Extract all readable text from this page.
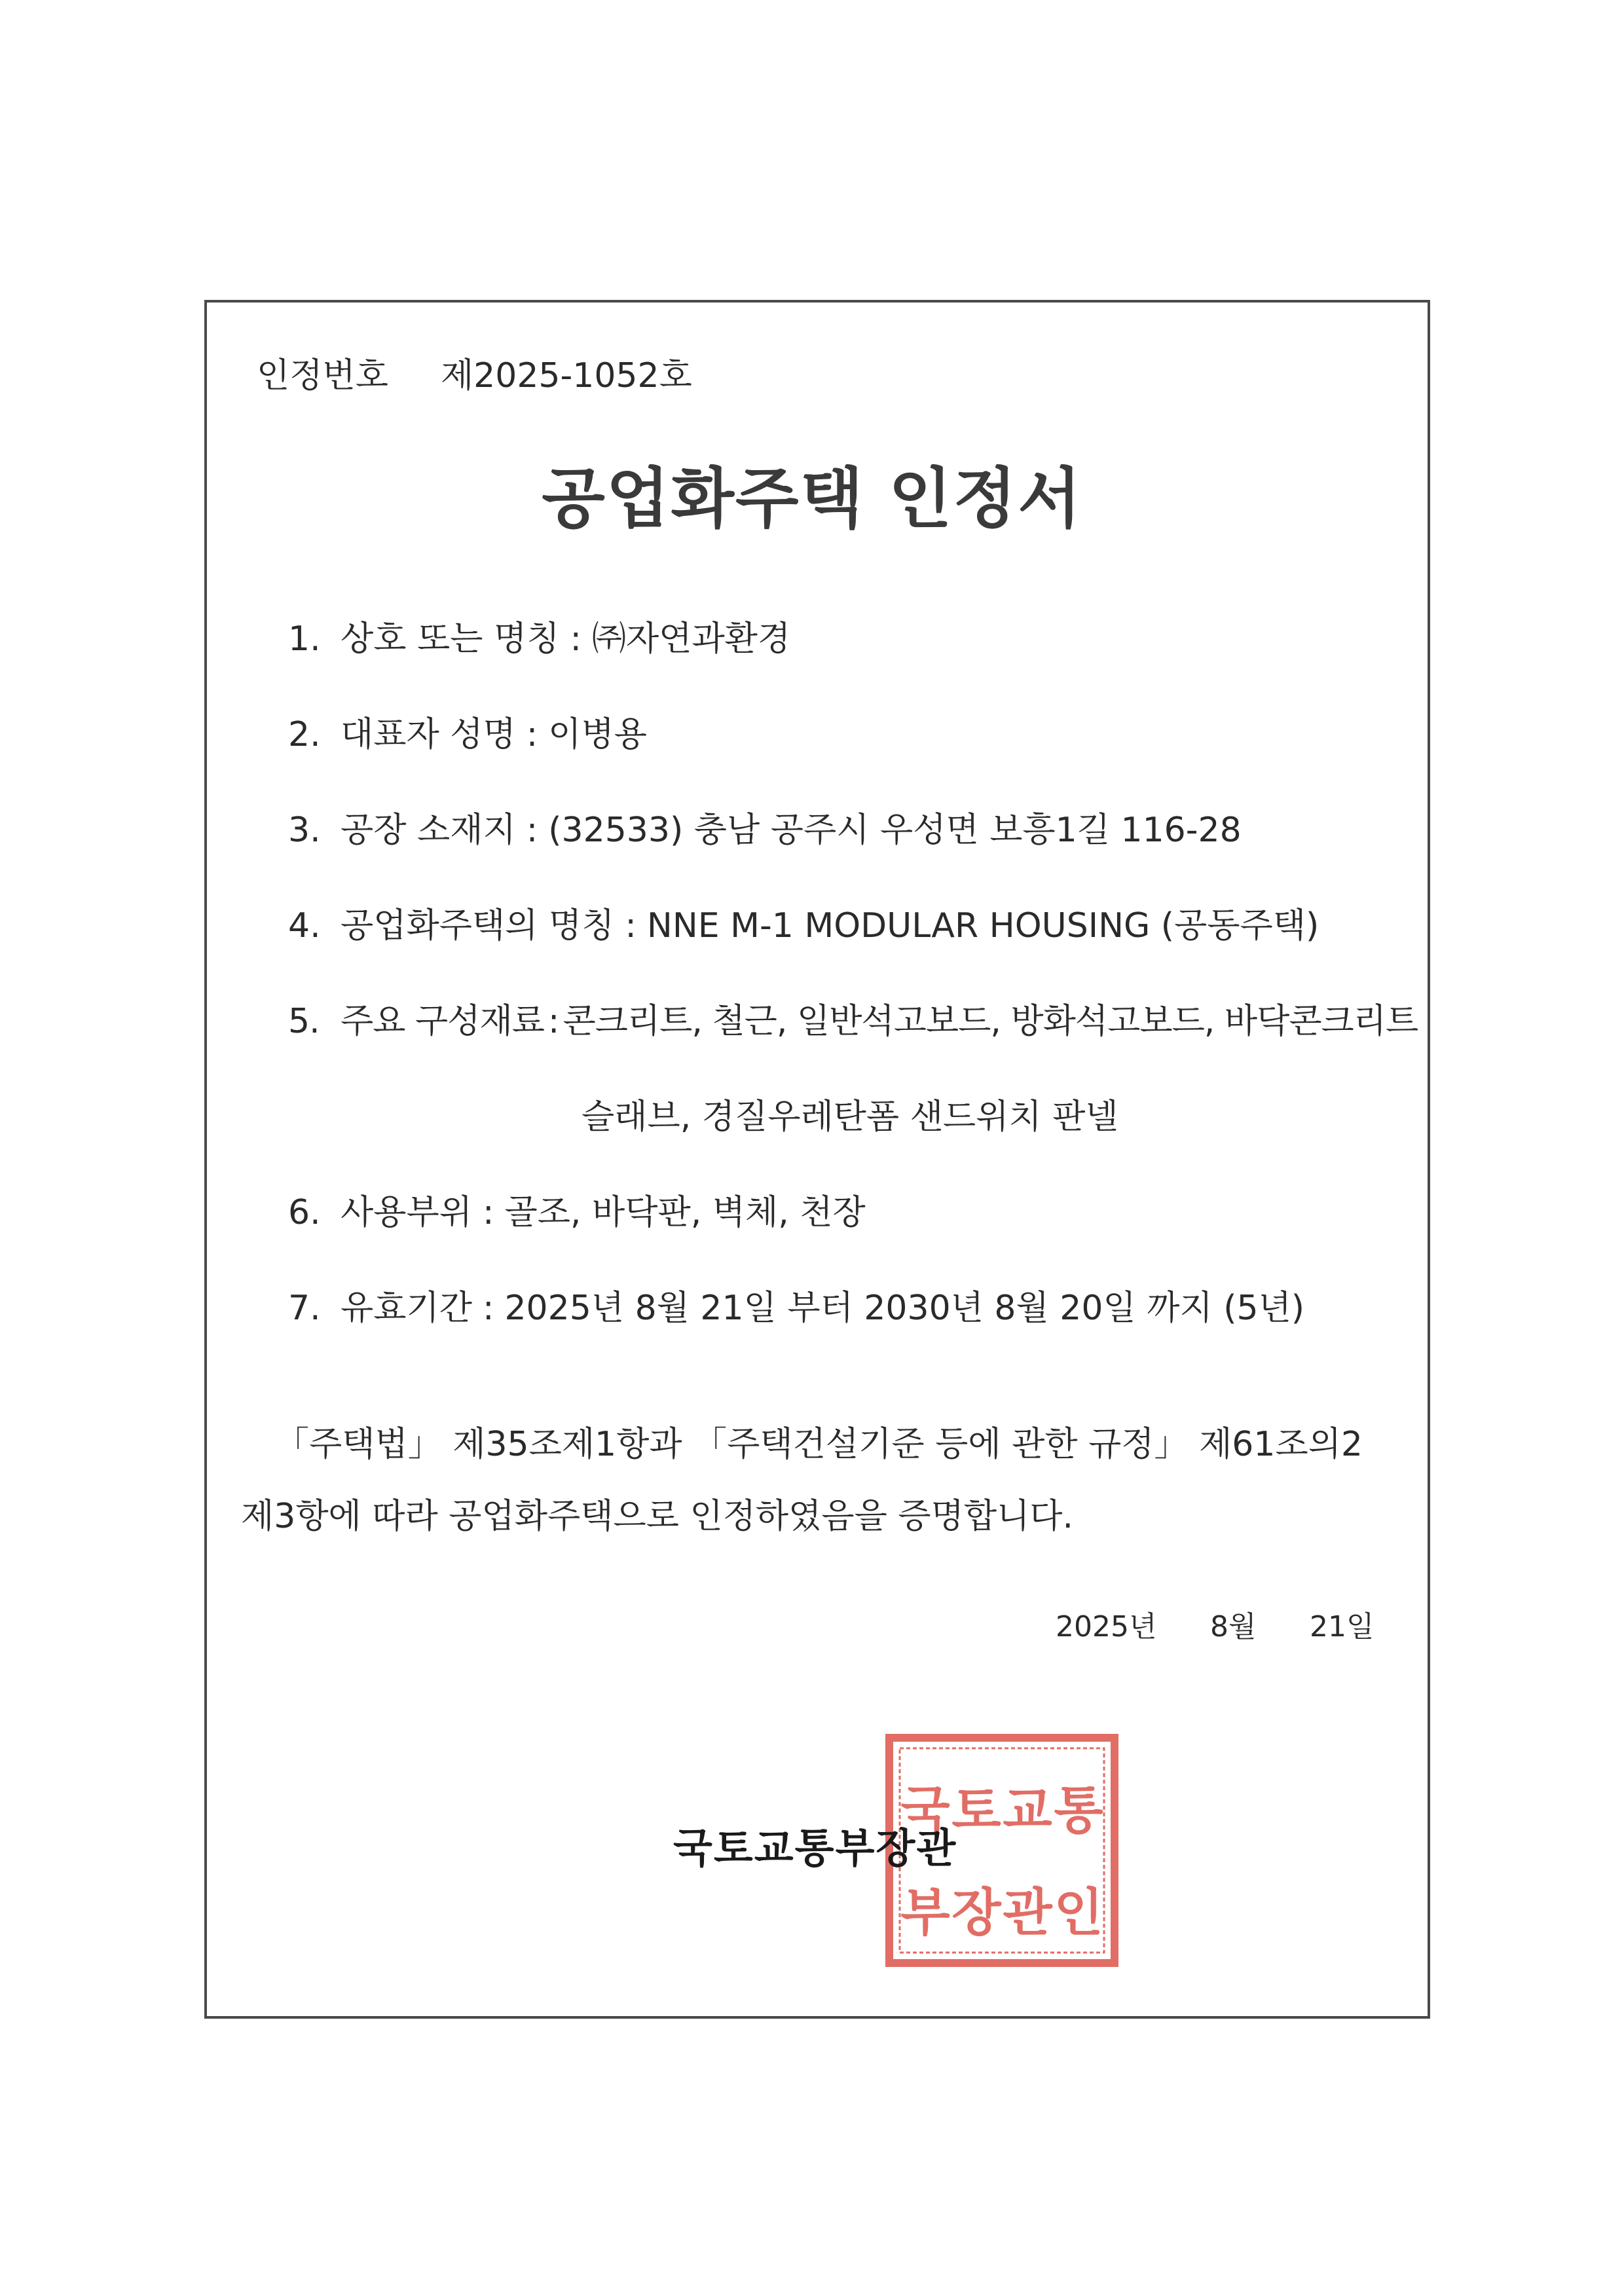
인정번호 제2025-1052호
공업화주택 인정서
1. 상호 또는 명칭 : ㈜자연과환경
2. 대표자 성명 : 이병용
3. 공장 소재지 : (32533) 충남 공주시 우성면 보흥1길 116-28
4. 공업화주택의 명칭 : NNE M-1 MODULAR HOUSING (공동주택)
5. 주요 구성재료 : 콘크리트, 철근, 일반석고보드, 방화석고보드, 바닥콘크리트
슬래브, 경질우레탄폼 샌드위치 판넬
6. 사용부위 : 골조, 바닥판, 벽체, 천장
7. 유효기간 : 2025년 8월 21일 부터 2030년 8월 20일 까지 (5년)
「주택법」 제35조제1항과 「주택건설기준 등에 관한 규정」 제61조의2
제3항에 따라 공업화주택으로 인정하였음을 증명합니다.
2025년 8월 21일
국 토 교 통
부 장 관 인
국토교통부장관
